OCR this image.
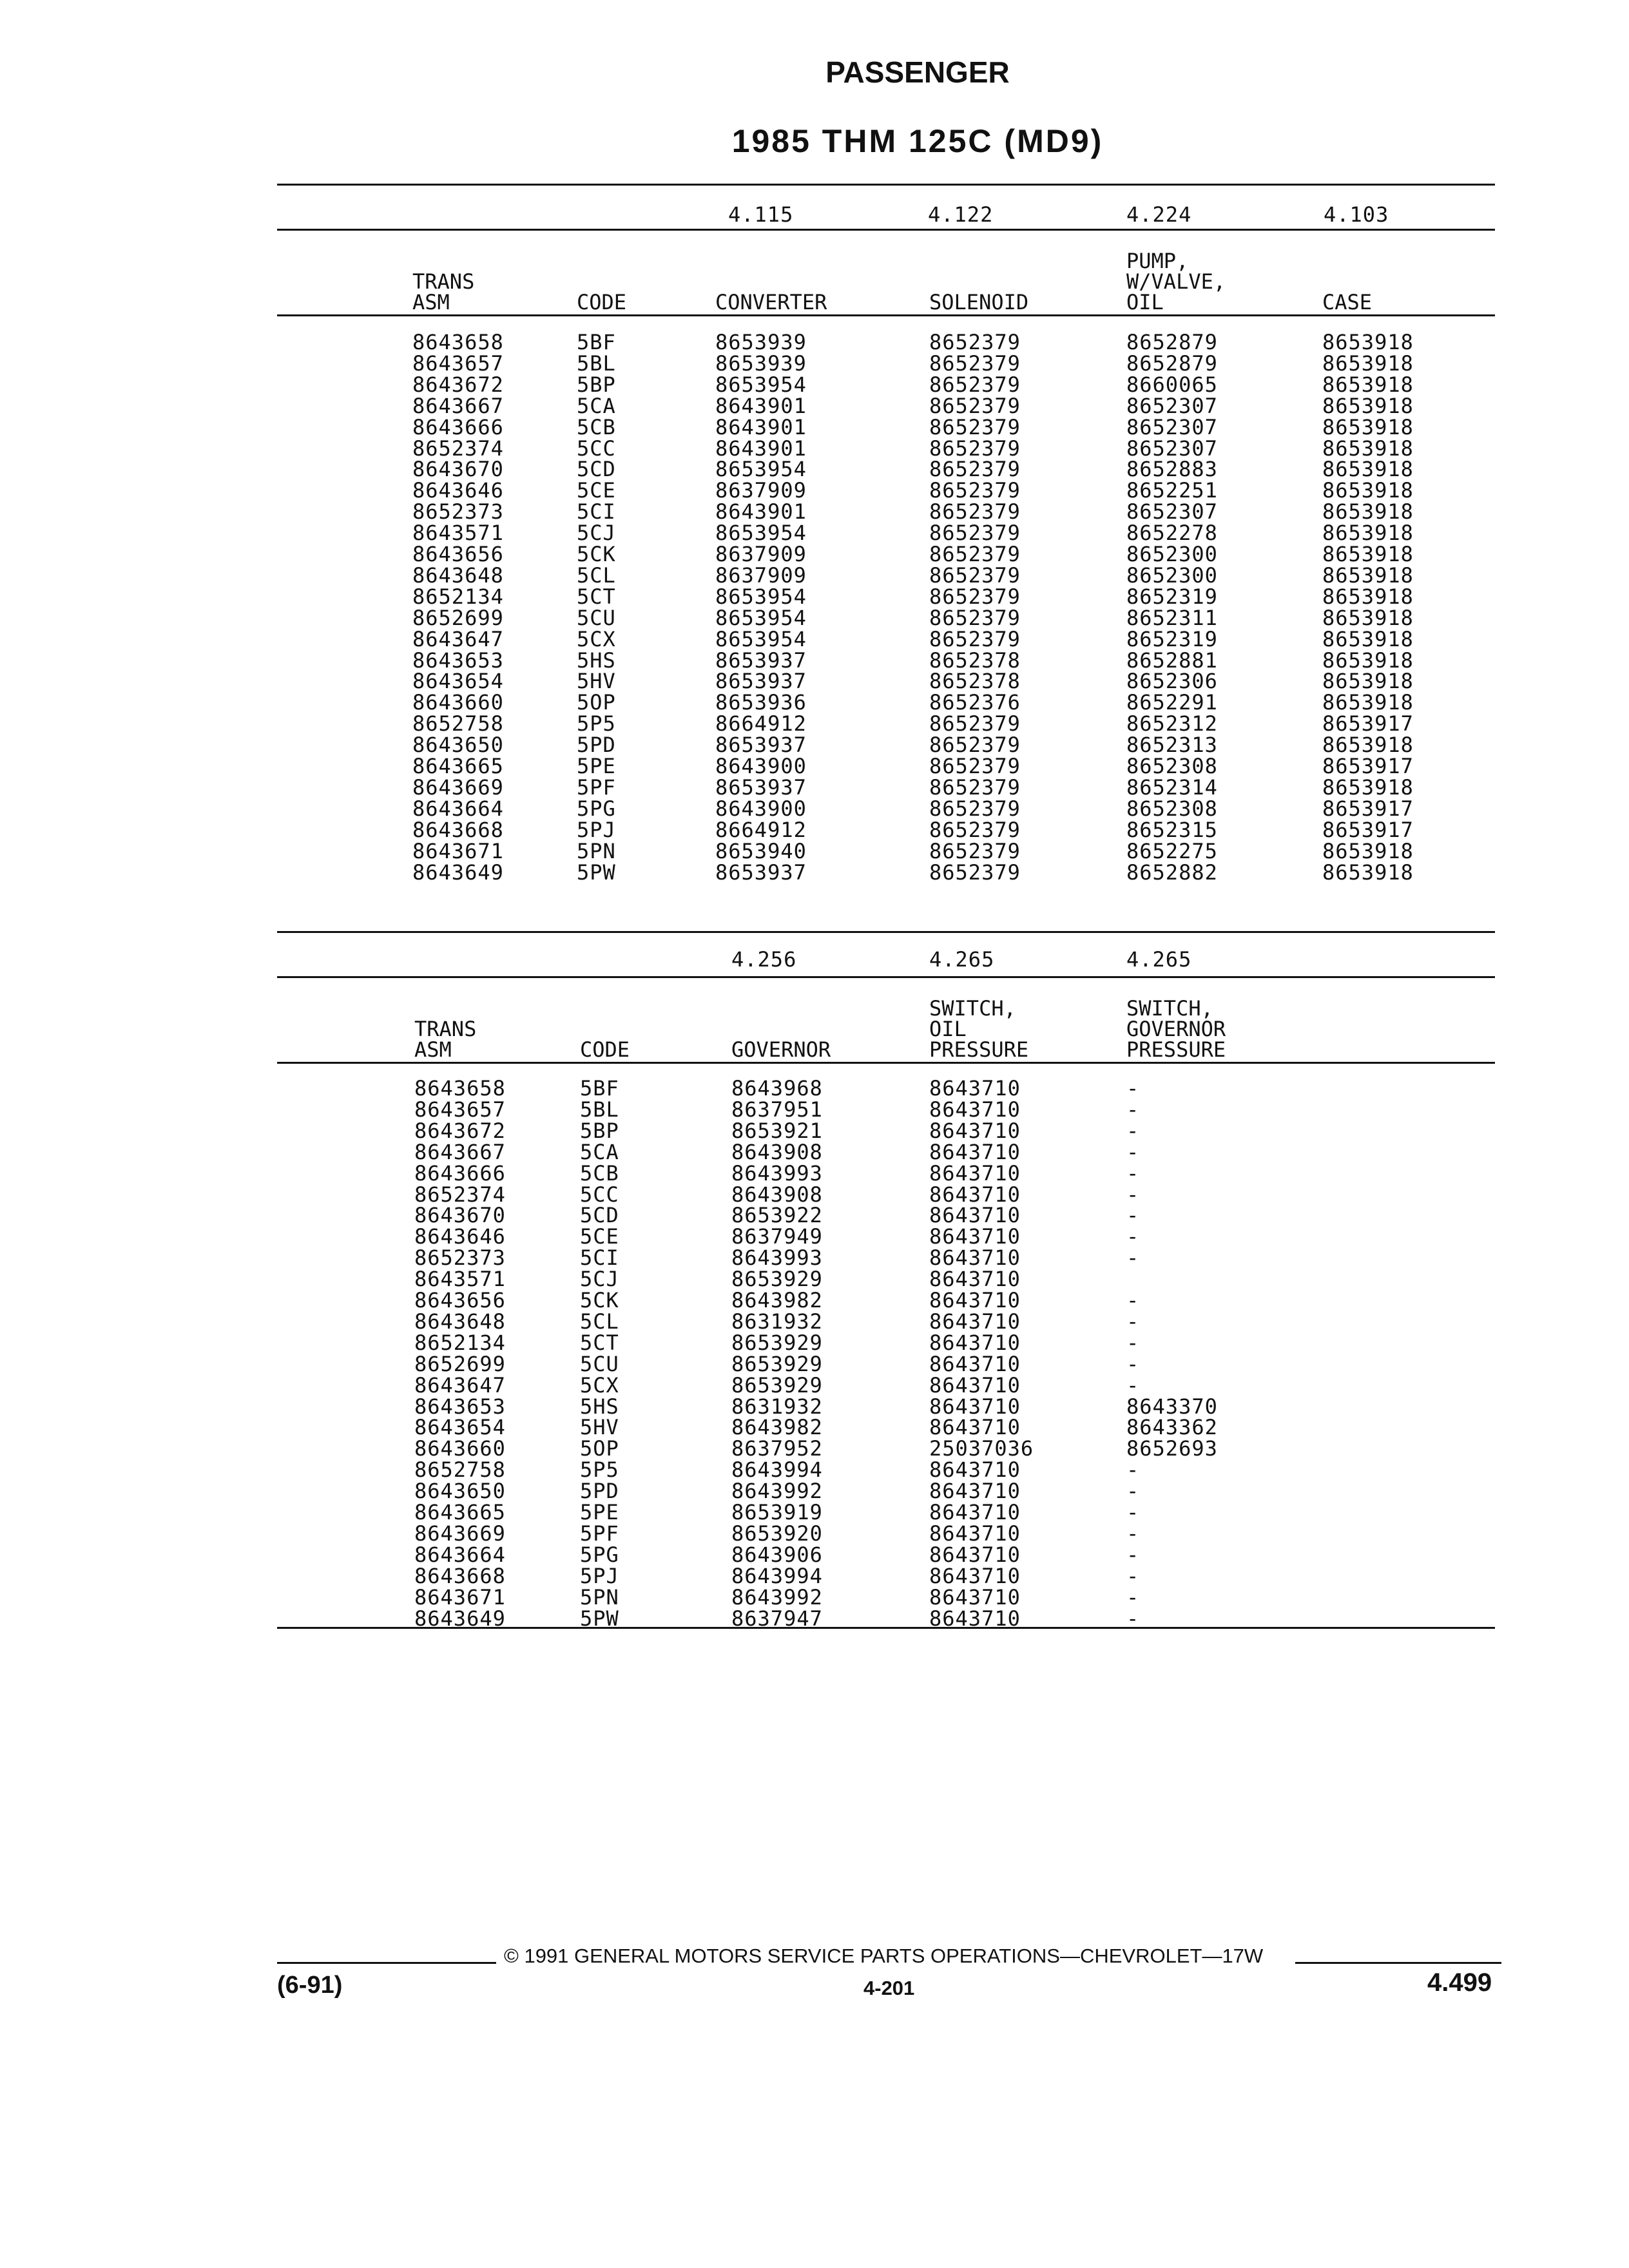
PASSENGER
1985 THM 125C (MD9)
4.115	4.122	4.224	4.103
TRANS
ASM	CODE	CONVERTER	SOLENOID
PUMP,
W/VALVE,
OIL	CASE
8643658	5BF	8653939	8652379	8652879	8653918
8643657	5BL	8653939	8652379	8652879	8653918
8643672	5BP	8653954	8652379	8660065	8653918
8643667	5CA	8643901	8652379	8652307	8653918
8643666	5CB	8643901	8652379	8652307	8653918
8652374	5CC	8643901	8652379	8652307	8653918
8643670	5CD	8653954	8652379	8652883	8653918
8643646	5CE	8637909	8652379	8652251	8653918
8652373	5CI	8643901	8652379	8652307	8653918
8643571	5CJ	8653954	8652379	8652278	8653918
8643656	5CK	8637909	8652379	8652300	8653918
8643648	5CL	8637909	8652379	8652300	8653918
8652134	5CT	8653954	8652379	8652319	8653918
8652699	5CU	8653954	8652379	8652311	8653918
8643647	5CX	8653954	8652379	8652319	8653918
8643653	5HS	8653937	8652378	8652881	8653918
8643654	5HV	8653937	8652378	8652306	8653918
8643660	5OP	8653936	8652376	8652291	8653918
8652758	5P5	8664912	8652379	8652312	8653917
8643650	5PD	8653937	8652379	8652313	8653918
8643665	5PE	8643900	8652379	8652308	8653917
8643669	5PF	8653937	8652379	8652314	8653918
8643664	5PG	8643900	8652379	8652308	8653917
8643668	5PJ	8664912	8652379	8652315	8653917
8643671	5PN	8653940	8652379	8652275	8653918
8643649	5PW	8653937	8652379	8652882	8653918
4.256	4.265	4.265
TRANS
ASM	CODE	GOVERNOR
SWITCH,
OIL
PRESSURE
SWITCH,
GOVERNOR
PRESSURE
8643658	5BF	8643968	8643710	-
8643657	5BL	8637951	8643710	-
8643672	5BP	8653921	8643710	-
8643667	5CA	8643908	8643710	-
8643666	5CB	8643993	8643710	-
8652374	5CC	8643908	8643710	-
8643670	5CD	8653922	8643710	-
8643646	5CE	8637949	8643710	-
8652373	5CI	8643993	8643710	-
8643571	5CJ	8653929	8643710
8643656	5CK	8643982	8643710	-
8643648	5CL	8631932	8643710	-
8652134	5CT	8653929	8643710	-
8652699	5CU	8653929	8643710	-
8643647	5CX	8653929	8643710	-
8643653	5HS	8631932	8643710	8643370
8643654	5HV	8643982	8643710	8643362
8643660	5OP	8637952	25037036	8652693
8652758	5P5	8643994	8643710	-
8643650	5PD	8643992	8643710	-
8643665	5PE	8653919	8643710	-
8643669	5PF	8653920	8643710	-
8643664	5PG	8643906	8643710	-
8643668	5PJ	8643994	8643710	-
8643671	5PN	8643992	8643710	-
8643649	5PW	8637947	8643710	-
© 1991 GENERAL MOTORS SERVICE PARTS OPERATIONS—CHEVROLET—17W
(6-91)	4-201	4.499
